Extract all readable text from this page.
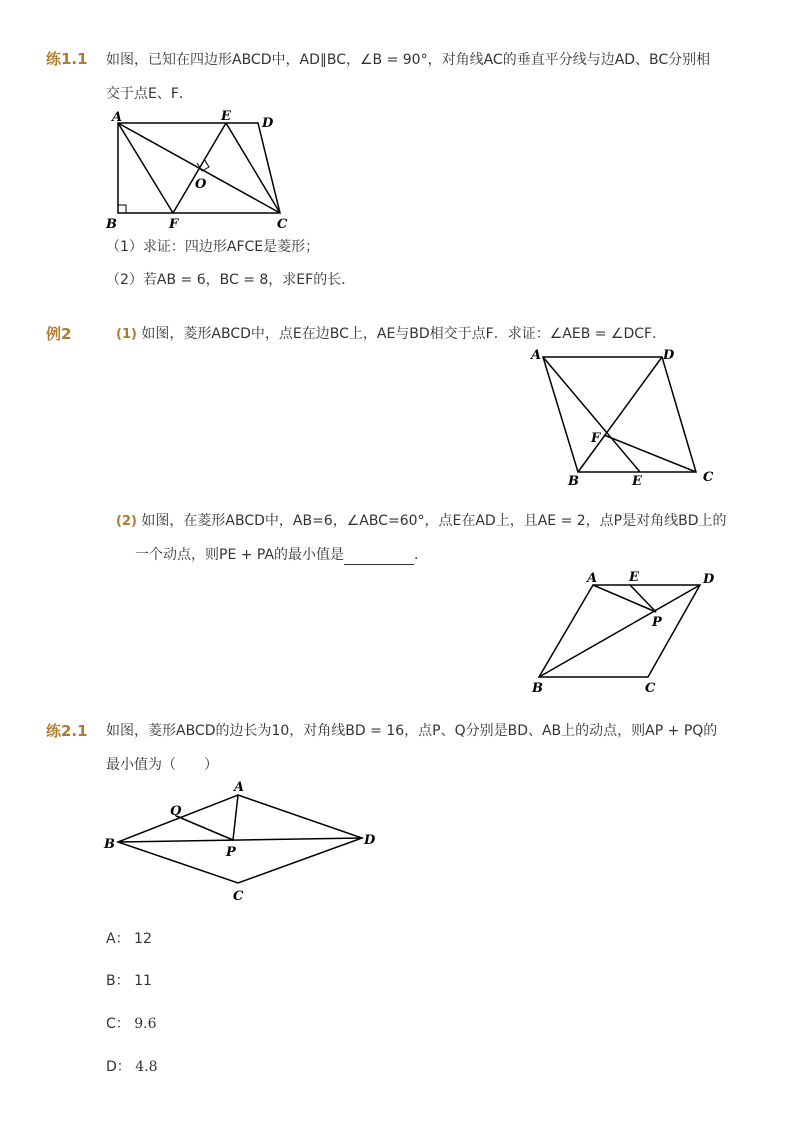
练1.1 如图，已知在四边形ABCD中，AD∥BC，∠B = 90°，对角线AC的垂直平分线与边AD、BC分别相
交于点E、F．
A	E D
O
B	F	C
（1）求证：四边形AFCE是菱形；
（2）若AB = 6，BC = 8，求EF的长．
例2	(1) 如图，菱形ABCD中，点E在边BC上，AE与BD相交于点F．求证：∠AEB = ∠DCF．
A	D
F
B	E	C
(2) 如图，在菱形ABCD中，AB=6，∠ABC=60°，点E在AD上，且AE = 2，点P是对角线BD上的
一个动点，则PE + PA的最小值是	．
A E	D
P
B	C
练2.1 如图，菱形ABCD的边长为10，对角线BD = 16，点P、Q分别是BD、AB上的动点，则AP + PQ的
最小值为（　　）
A
Q
B
P
D
C
A： 12
B： 11
C： 9.6
D： 4.8
